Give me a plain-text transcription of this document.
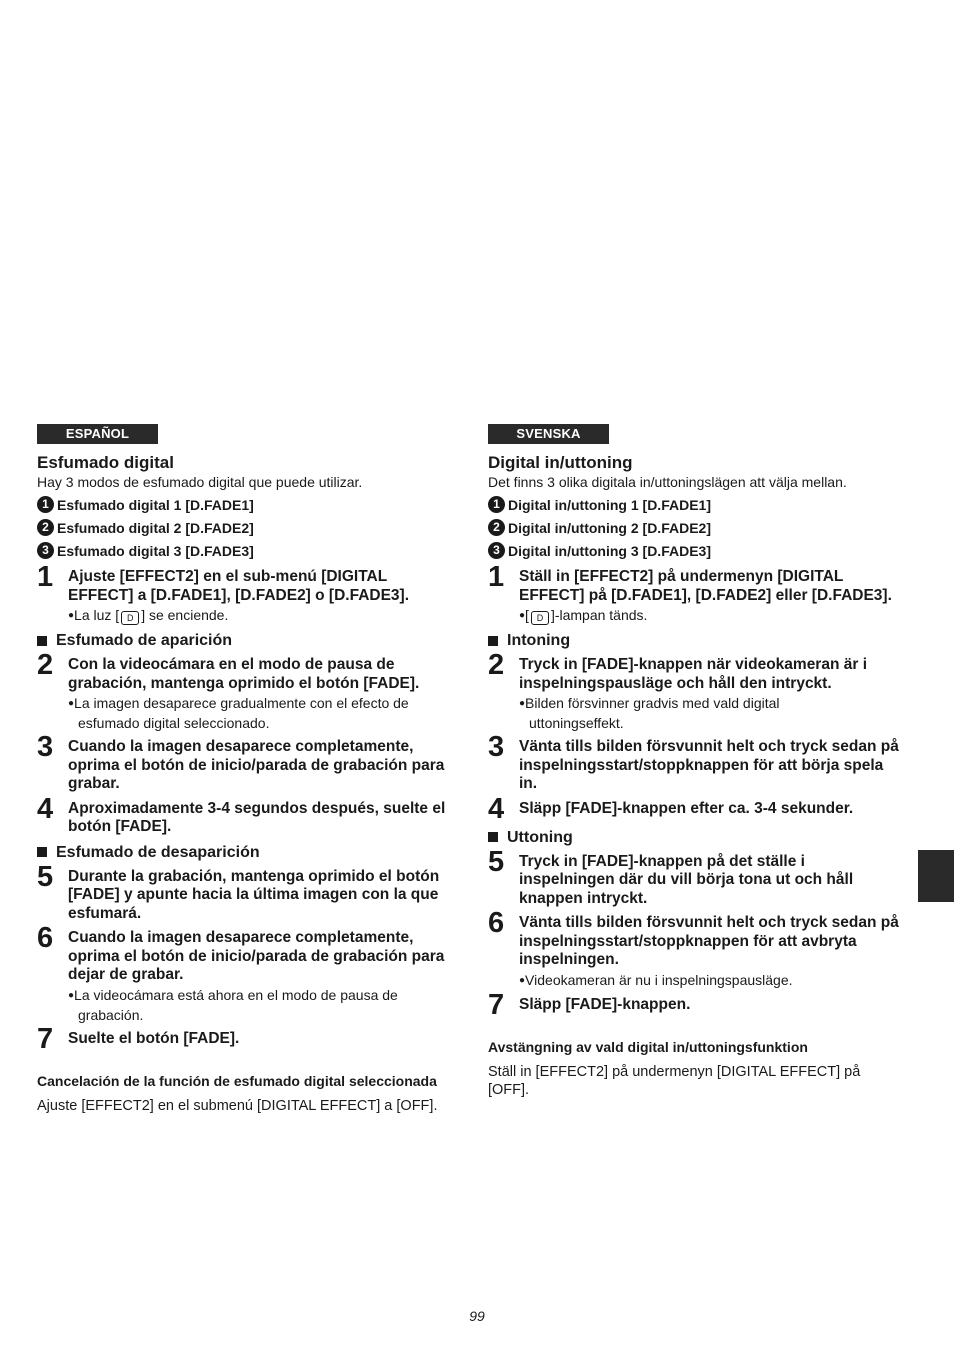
ESPAÑOL
Esfumado digital
Hay 3 modos de esfumado digital que puede utilizar.
1 Esfumado digital 1 [D.FADE1]
2 Esfumado digital 2 [D.FADE2]
3 Esfumado digital 3 [D.FADE3]
1 Ajuste [EFFECT2] en el sub-menú [DIGITAL EFFECT] a [D.FADE1], [D.FADE2] o [D.FADE3].
●La luz [ D ] se enciende.
Esfumado de aparición
2 Con la videocámara en el modo de pausa de grabación, mantenga oprimido el botón [FADE].
●La imagen desaparece gradualmente con el efecto de
esfumado digital seleccionado.
3 Cuando la imagen desaparece completamente, oprima el botón de inicio/parada de grabación para grabar.
4 Aproximadamente 3-4 segundos después, suelte el botón [FADE].
Esfumado de desaparición
5 Durante la grabación, mantenga oprimido el botón [FADE] y apunte hacia la última imagen con la que esfumará.
6 Cuando la imagen desaparece completamente, oprima el botón de inicio/parada de grabación para dejar de grabar.
●La videocámara está ahora en el modo de pausa de
grabación.
7 Suelte el botón [FADE].
Cancelación de la función de esfumado digital seleccionada
Ajuste [EFFECT2] en el submenú [DIGITAL EFFECT] a [OFF].
SVENSKA
Digital in/uttoning
Det finns 3 olika digitala in/uttoningslägen att välja mellan.
1 Digital in/uttoning 1 [D.FADE1]
2 Digital in/uttoning 2 [D.FADE2]
3 Digital in/uttoning 3 [D.FADE3]
1 Ställ in [EFFECT2] på undermenyn [DIGITAL EFFECT] på [D.FADE1], [D.FADE2] eller [D.FADE3].
●[ D ]-lampan tänds.
Intoning
2 Tryck in [FADE]-knappen när videokameran är i inspelningspausläge och håll den intryckt.
●Bilden försvinner gradvis med vald digital
uttoningseffekt.
3 Vänta tills bilden försvunnit helt och tryck sedan på inspelningsstart/stoppknappen för att börja spela in.
4 Släpp [FADE]-knappen efter ca. 3-4 sekunder.
Uttoning
5 Tryck in [FADE]-knappen på det ställe i inspelningen där du vill börja tona ut och håll knappen intryckt.
6 Vänta tills bilden försvunnit helt och tryck sedan på inspelningsstart/stoppknappen för att avbryta inspelningen.
●Videokameran är nu i inspelningspausläge.
7 Släpp [FADE]-knappen.
Avstängning av vald digital in/uttoningsfunktion
Ställ in [EFFECT2] på undermenyn [DIGITAL EFFECT] på [OFF].
99
